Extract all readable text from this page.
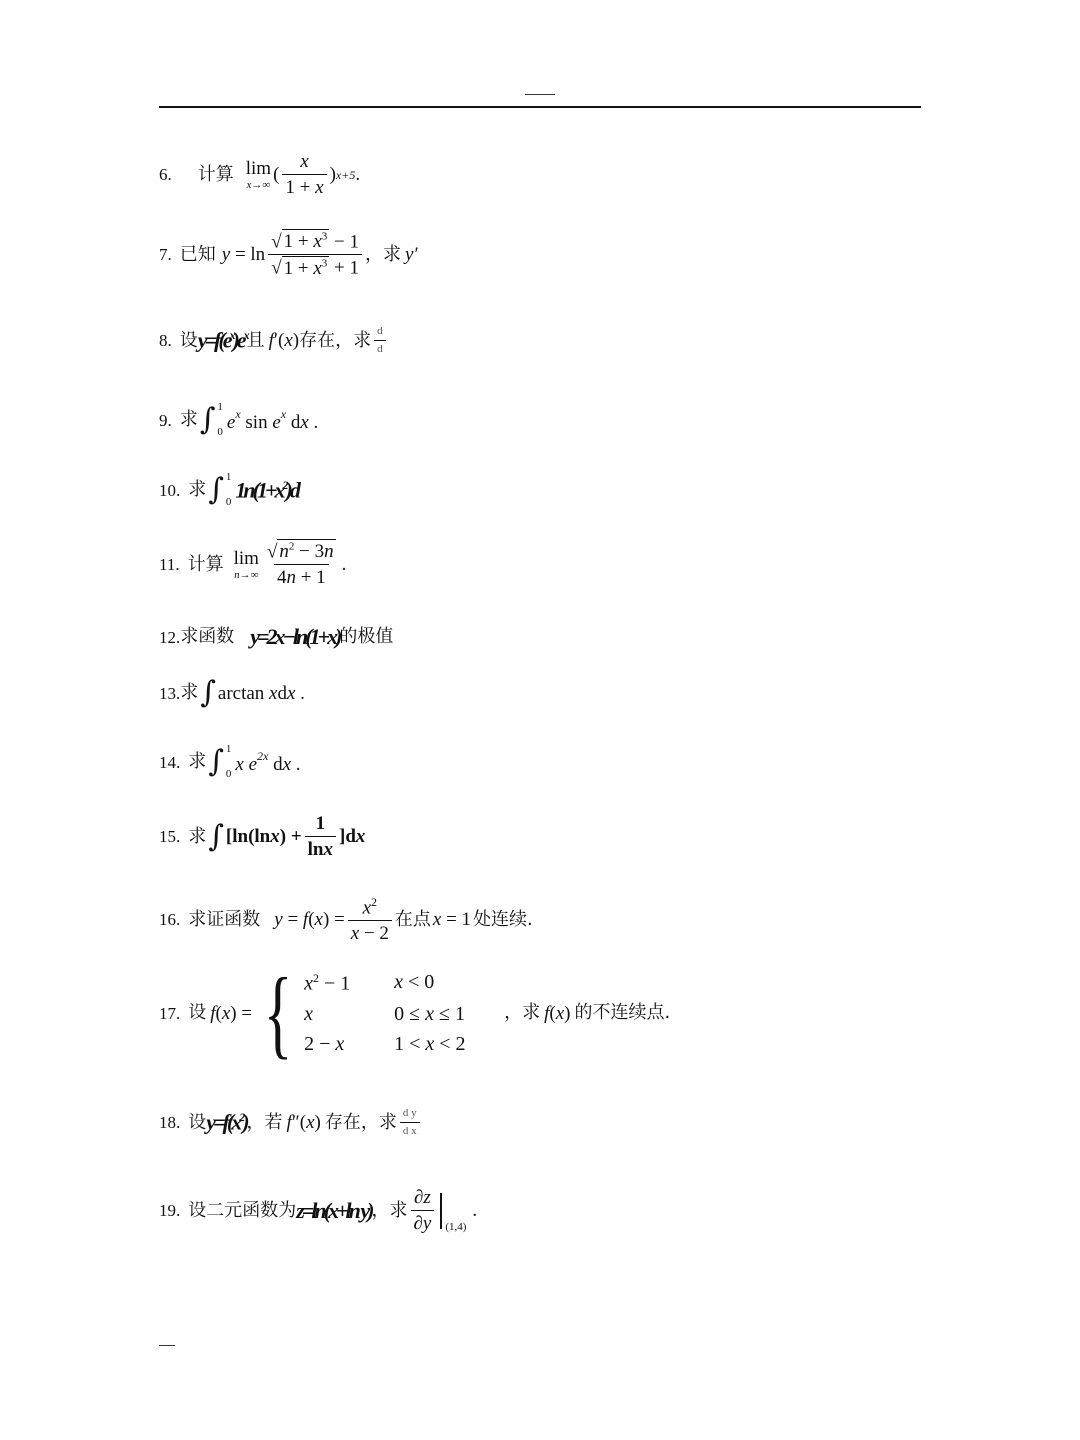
6. 计算 lim
x→∞ ( $\frac{x}{1 + x}$ ) x+5 .
7. 已知 $y = \ln \frac{√ 1 + x^3 - 1}{√ 1 + x^3 + 1}$ ，求 y′
8. 设 $y=f(e^x)e^x$ 且 f′(x) 存在，求 $\frac{d}{d}$
9. 求 ∫ 1
0 $e^x$ $\sin e^x$ dx .
10. 求 ∫ 1
0 $1n(1+x^2)d$
11. 计算 lim
$n\to\infty \frac{√ n^2 - 3n}{4n + 1}$ .
12. 求函数 y=2x−ln(1+x) 的极值
13. 求 ∫ arctan xdx .
14. 求 ∫ 1
0 x $e^{2x}$ dx .
15. 求 ∫ $[\ln(\ln x) + \frac{1}{\ln x} ]dx$
16. 求证函数 $y = f(x) = \frac{x^2}{x - 2}$ 在点 x = 1 处连续.
17. 设 f(x) = { $x^2 - 1$	x < 0
x	0 ≤ x ≤ 1
2 − x	1 < x < 2
，求 f(x) 的不连续点.
18. 设 $y=f(x^2)$ ，若 f″(x) 存在，求 $\frac{\text{d y}}{\text{d x}}$
19. 设二元函数为 z=ln(x+ln y) ，求 $\frac{\partial z}{\partial y} (1,4)$
.
